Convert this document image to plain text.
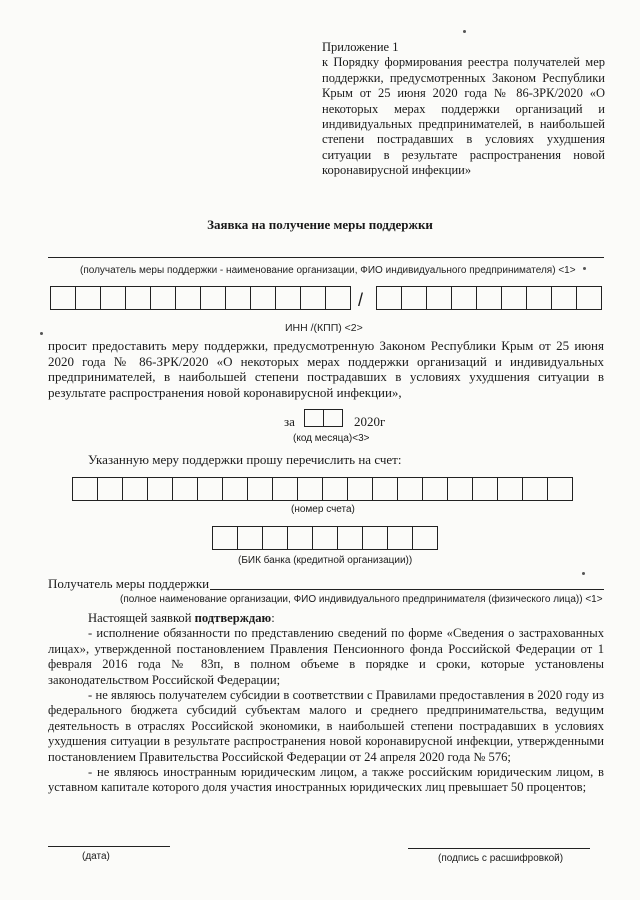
Приложение 1
к Порядку формирования реестра получателей мер поддержки, предусмотренных Законом Республики Крым от 25 июня 2020 года № 86-ЗРК/2020 «О некоторых мерах поддержки организаций и индивидуальных предпринимателей, в наибольшей степени пострадавших в условиях ухудшения ситуации в результате распространения новой коронавирусной инфекции»
Заявка на получение меры поддержки
(получатель меры поддержки - наименование организации, ФИО индивидуального предпринимателя) <1>
/
ИНН /(КПП) <2>
просит предоставить меру поддержки, предусмотренную Законом Республики Крым от 25 июня 2020 года № 86-ЗРК/2020 «О некоторых мерах поддержки организаций и индивидуальных предпринимателей, в наибольшей степени пострадавших в условиях ухудшения ситуации в результате распространения новой коронавирусной инфекции»,
за	2020г
(код месяца)<3>
Указанную меру поддержки прошу перечислить на счет:
(номер счета)
(БИК банка (кредитной организации))
Получатель меры поддержки
(полное наименование организации, ФИО индивидуального предпринимателя (физического лица)) <1>

Настоящей заявкой подтверждаю:

- исполнение обязанности по представлению сведений по форме «Сведения о застрахованных лицах», утвержденной постановлением Правления Пенсионного фонда Российской Федерации от 1 февраля 2016 года № 83п, в полном объеме в порядке и сроки, которые установлены законодательством Российской Федерации;

- не являюсь получателем субсидии в соответствии с Правилами предоставления в 2020 году из федерального бюджета субсидий субъектам малого и среднего предпринимательства, ведущим деятельность в отраслях Российской экономики, в наибольшей степени пострадавших в условиях ухудшения ситуации в результате распространения новой коронавирусной инфекции, утвержденными постановлением Правительства Российской Федерации от 24 апреля 2020 года № 576;

- не являюсь иностранным юридическим лицом, а также российским юридическим лицом, в уставном капитале которого доля участия иностранных юридических лиц превышает 50 процентов;

(дата)	(подпись с расшифровкой)
